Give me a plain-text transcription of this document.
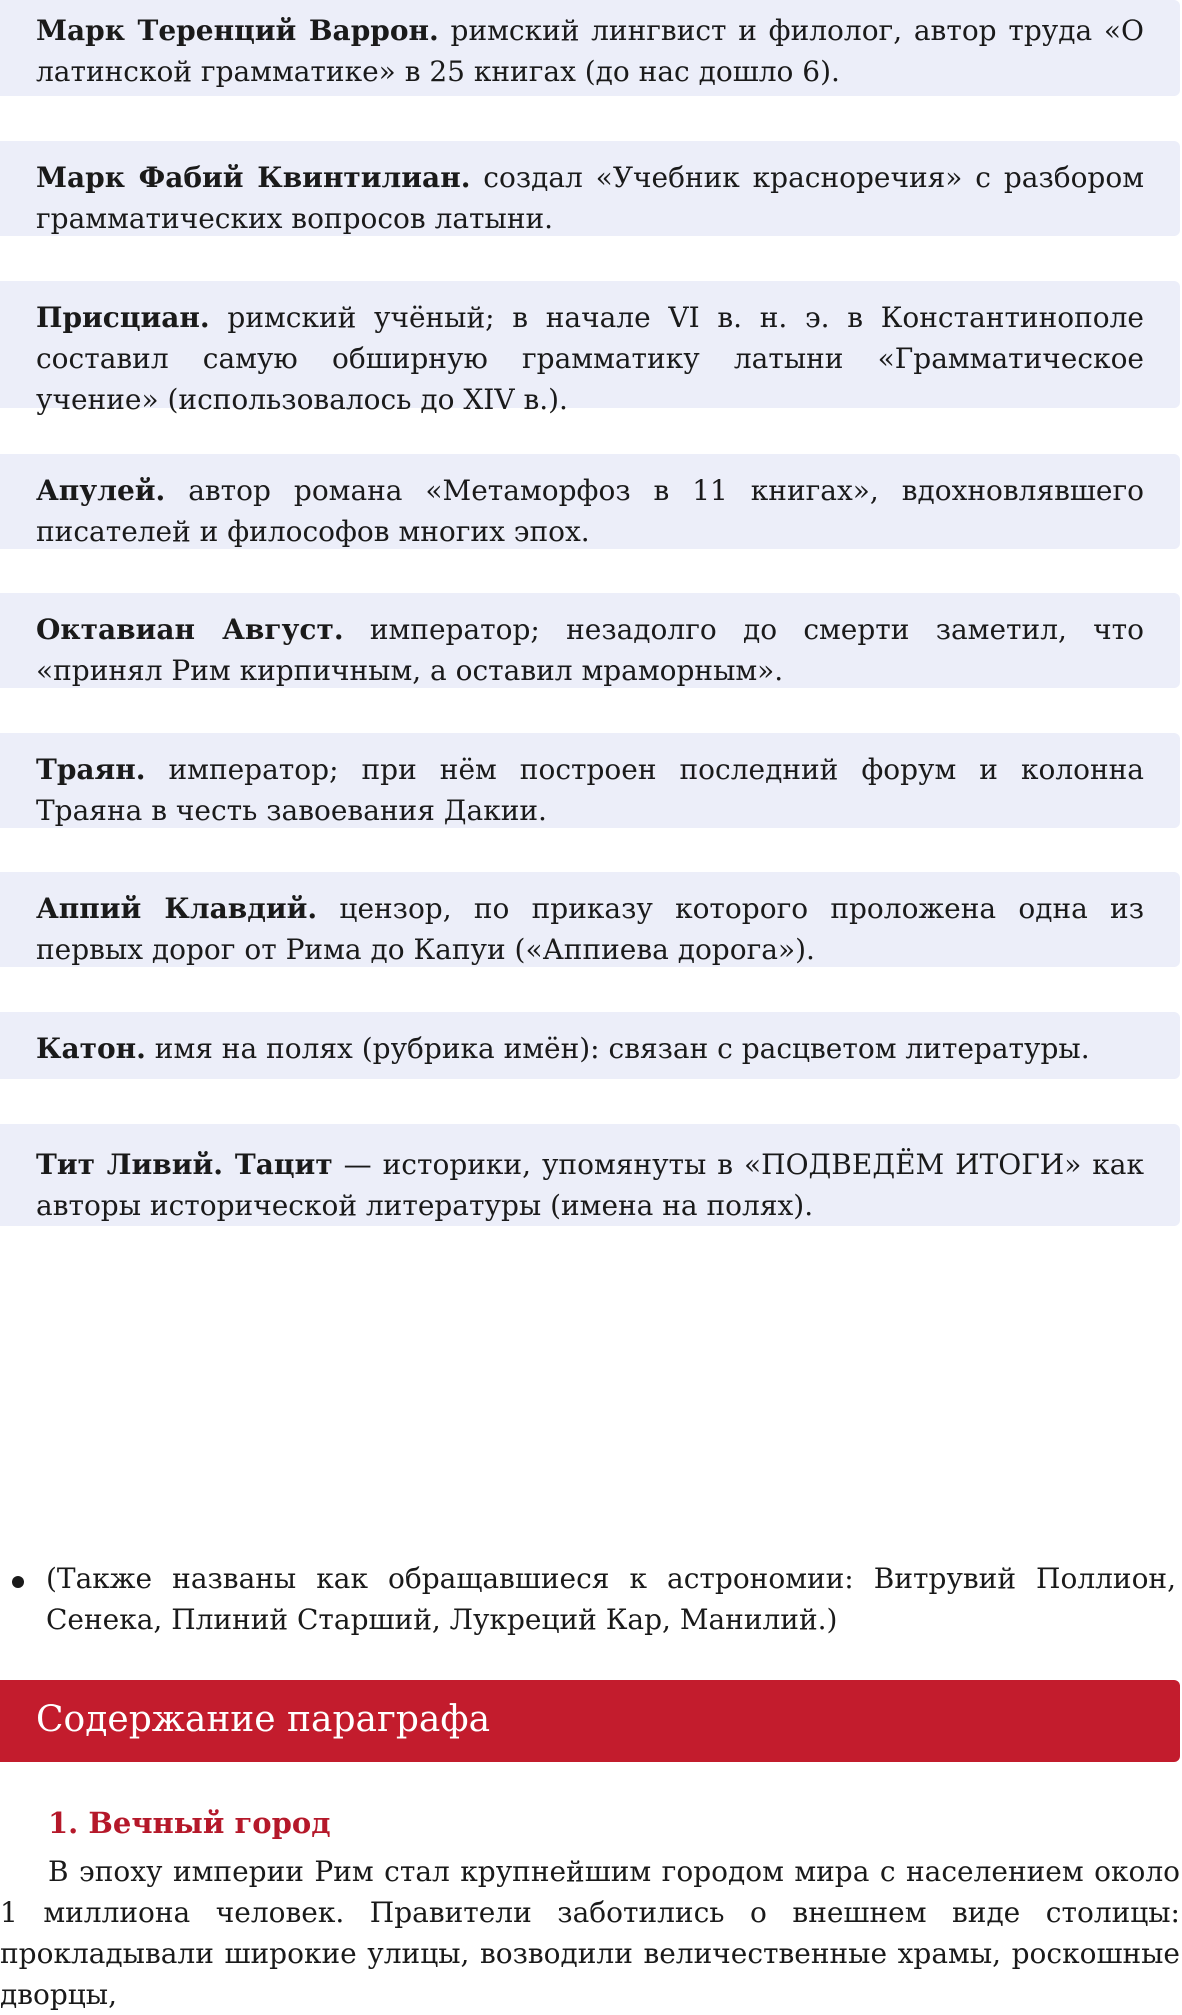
Марк Теренций Варрон. римский лингвист и филолог, автор труда «О латинской грамматике» в 25 книгах (до нас дошло 6).
Марк Фабий Квинтилиан. создал «Учебник красноречия» с разбором грамматических вопросов латыни.
Присциан. римский учёный; в начале VI в. н. э. в Константинополе составил самую обширную грамматику латыни «Грамматическое учение» (использовалось до XIV в.).
Апулей. автор романа «Метаморфоз в 11 книгах», вдохновлявшего писателей и философов многих эпох.
Октавиан Август. император; незадолго до смерти заметил, что «принял Рим кирпичным, а оставил мраморным».
Траян. император; при нём построен последний форум и колонна Траяна в честь завоевания Дакии.
Аппий Клавдий. цензор, по приказу которого проложена одна из первых дорог от Рима до Капуи («Аппиева дорога»).
Катон. имя на полях (рубрика имён): связан с расцветом литературы.
Тит Ливий. Тацит — историки, упомянуты в «ПОДВЕДЁМ ИТОГИ» как авторы исторической литературы (имена на полях).
(Также названы как обращавшиеся к астрономии: Витрувий Поллион, Сенека, Плиний Старший, Лукреций Кар, Манилий.)
Содержание параграфа
1. Вечный город
В эпоху империи Рим стал крупнейшим городом мира с населением около 1 миллиона человек. Правители заботились о внешнем виде столицы: прокладывали широкие улицы, возводили величественные храмы, роскошные дворцы,
